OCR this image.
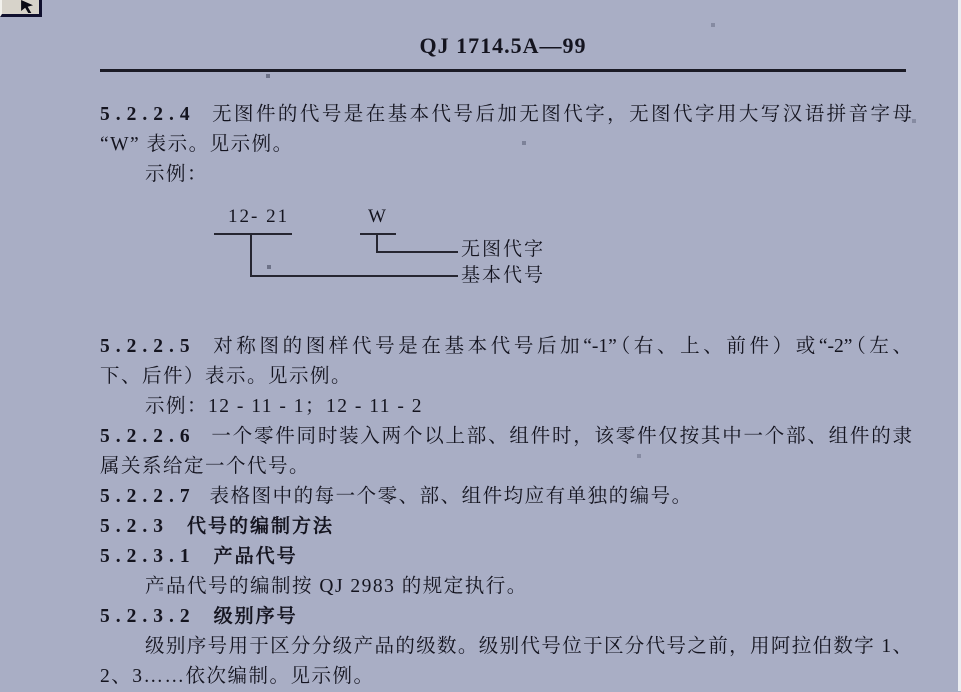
QJ 1714.5A—99
5.2.2.4 无图件的代号是在基本代号后加无图代字，无图代字用大写汉语拼音字母
“W” 表示。见示例。
示例：
12- 21	W
无图代字
基本代号
5.2.2.5 对称图的图样代号是在基本代号后加“-1”（右、上、前件）或“-2”（左、
下、后件）表示。见示例。
示例：12 - 11 - 1；12 - 11 - 2
5.2.2.6 一个零件同时装入两个以上部、组件时，该零件仅按其中一个部、组件的隶
属关系给定一个代号。
5.2.2.7 表格图中的每一个零、部、组件均应有单独的编号。
5.2.3 代号的编制方法
5.2.3.1 产品代号
产品代号的编制按 QJ 2983 的规定执行。
5.2.3.2 级别序号
级别序号用于区分分级产品的级数。级别代号位于区分代号之前，用阿拉伯数字 1、
2、3……依次编制。见示例。
